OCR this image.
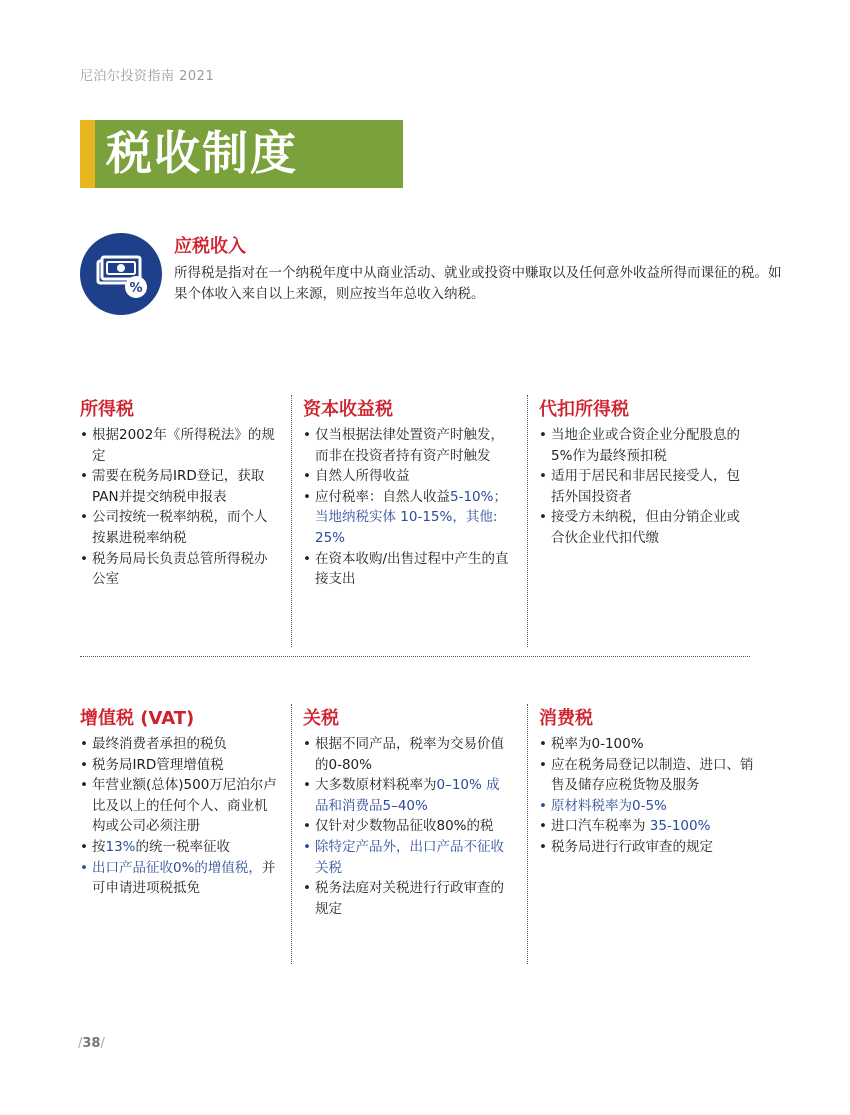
尼泊尔投资指南 2021
税收制度
%
应税收入
所得税是指对在一个纳税年度中从商业活动、就业或投资中赚取以及任何意外收益所得而课征的税。如果个体收入来自以上来源，则应按当年总收入纳税。
所得税
• 根据2002年《所得税法》的规定
• 需要在税务局IRD登记，获取PAN并提交纳税申报表
• 公司按统一税率纳税，而个人按累进税率纳税
• 税务局局长负责总管所得税办公室
资本收益税
• 仅当根据法律处置资产时触发，而非在投资者持有资产时触发
• 自然人所得收益
• 应付税率：自然人收益5-10%；当地纳税实体 10-15%，其他: 25%
• 在资本收购/出售过程中产生的直接支出
代扣所得税
• 当地企业或合资企业分配股息的5%作为最终预扣税
• 适用于居民和非居民接受人，包括外国投资者
• 接受方未纳税，但由分销企业或合伙企业代扣代缴
增值税 (VAT)
• 最终消费者承担的税负
• 税务局IRD管理增值税
• 年营业额(总体)500万尼泊尔卢比及以上的任何个人、商业机构或公司必须注册
• 按13%的统一税率征收
• 出口产品征收0%的增值税，并可申请进项税抵免
关税
• 根据不同产品，税率为交易价值的0-80%
• 大多数原材料税率为0–10% 成品和消费品5–40%
• 仅针对少数物品征收80%的税
• 除特定产品外，出口产品不征收关税
• 税务法庭对关税进行行政审查的规定
消费税
• 税率为0-100%
• 应在税务局登记以制造、进口、销售及储存应税货物及服务
• 原材料税率为0-5%
• 进口汽车税率为 35-100%
• 税务局进行行政审查的规定
/38/
